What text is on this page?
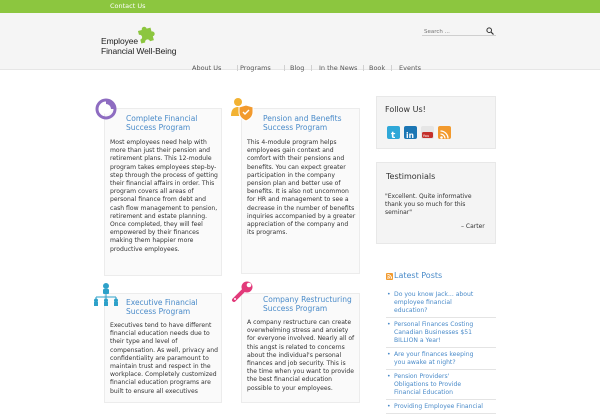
Contact Us
Employee
Financial Well-Being
Search ...
About Us	Programs	Blog In the News Book Events
Complete Financial
Success Program
Most employees need help with
more than just their pension and
retirement plans. This 12-module
program takes employees step-by-
step through the process of getting
their financial affairs in order. This
program covers all areas of
personal finance from debt and
cash flow management to pension,
retirement and estate planning.
Once completed, they will feel
empowered by their finances
making them happier more
productive employees.
Pension and Benefits
Success Program
This 4-module program helps
employees gain context and
comfort with their pensions and
benefits. You can expect greater
participation in the company
pension plan and better use of
benefits. It is also not uncommon
for HR and management to see a
decrease in the number of benefits
inquiries accompanied by a greater
appreciation of the company and
its programs.
Executive Financial
Success Program
Executives tend to have different
financial education needs due to
their type and level of
compensation. As well, privacy and
confidentiality are paramount to
maintain trust and respect in the
workplace. Completely customized
financial education programs are
built to ensure all executives
Company Restructuring
Success Program
A company restructure can create
overwhelming stress and anxiety
for everyone involved. Nearly all of
this angst is related to concerns
about the individual's personal
finances and job security. This is
the time when you want to provide
the best financial education
possible to your employees.
Follow Us!
t in You
Testimonials
"Excellent. Quite informative
thank you so much for this
seminar"
– Carter
Latest Posts
• Do you know Jack... about
employee financial
education?
• Personal Finances Costing
Canadian Businesses $51
BILLION a Year!
• Are your finances keeping
you awake at night?
• Pension Providers'
Obligations to Provide
Financial Education
• Providing Employee Financial
